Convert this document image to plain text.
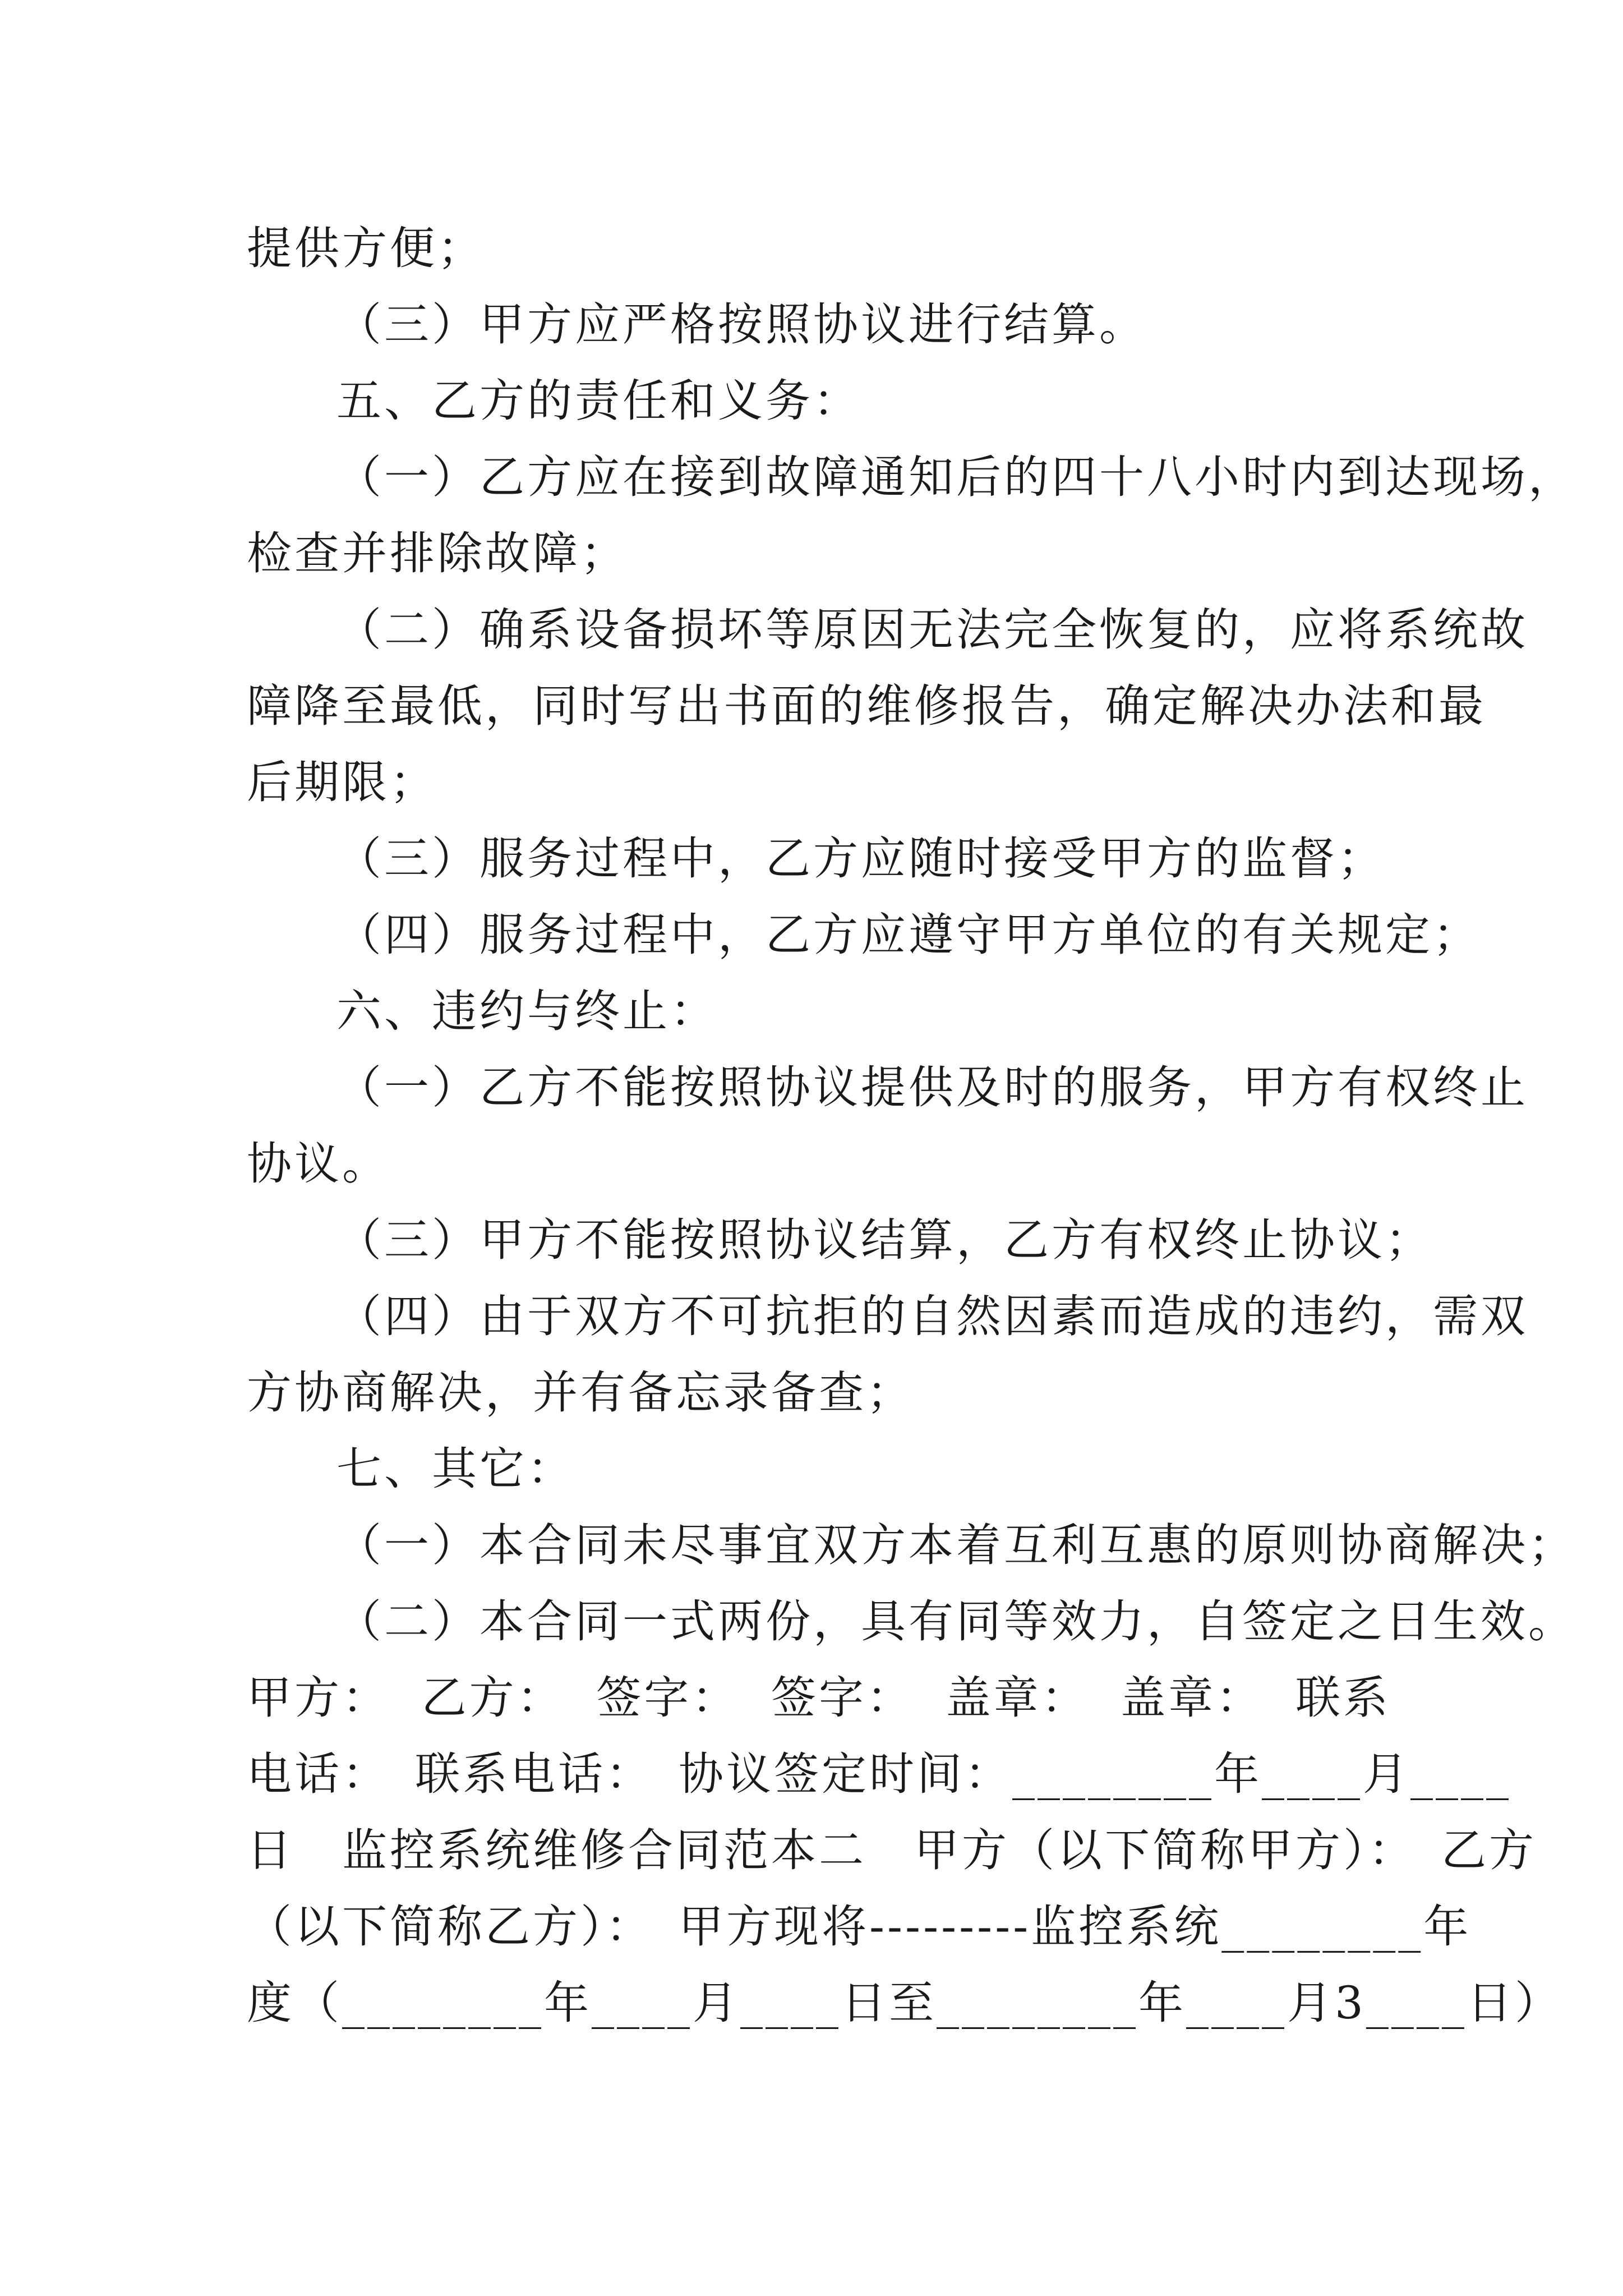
提供方便；
（三）甲方应严格按照协议进行结算。
五、乙方的责任和义务：
（一）乙方应在接到故障通知后的四十八小时内到达现场，
检查并排除故障；
（二）确系设备损坏等原因无法完全恢复的，应将系统故
障降至最低，同时写出书面的维修报告，确定解决办法和最
后期限；
（三）服务过程中，乙方应随时接受甲方的监督；
（四）服务过程中，乙方应遵守甲方单位的有关规定；
六、违约与终止：
（一）乙方不能按照协议提供及时的服务，甲方有权终止
协议。
（三）甲方不能按照协议结算，乙方有权终止协议；
（四）由于双方不可抗拒的自然因素而造成的违约，需双
方协商解决，并有备忘录备查；
七、其它：
（一）本合同未尽事宜双方本着互利互惠的原则协商解决；
（二）本合同一式两份，具有同等效力，自签定之日生效。
甲方： 乙方： 签字： 签字： 盖章： 盖章： 联系
电话：　联系电话：　协议签定时间：________年____月____
日　监控系统维修合同范本二　甲方（以下简称甲方）：　乙方
（以下简称乙方）：　甲方现将---------监控系统________年
度（________年____月____日至________年____月3____日）
